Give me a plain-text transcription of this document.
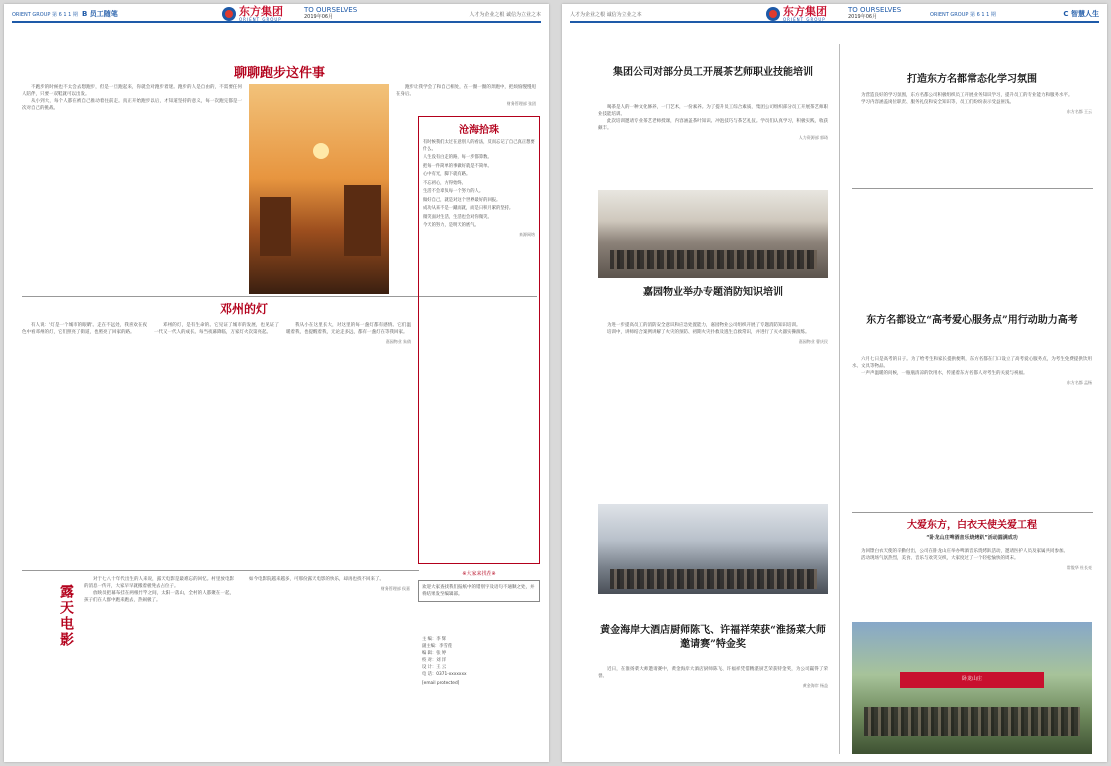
ORIENT GROUP 第 6 1 1 期 B 员工随笔	东方集团
ORIENT GROUP
TO OURSELVES
2019年06月	人才为企业之根 诚信为立业之本
聊聊跑步这件事

不跑步的时候也不太会去想跑步，但是一旦跑起来，你就会对跑步着迷。跑步的人是自由的，不需要任何人陪伴，只要一双鞋就可以出发。

从小到大，每个人都在被自己推动着往前走。真正开始跑步以后，才知道坚持的意义，每一次跑完都是一次对自己的挑战。

跑步让我学会了和自己相处，在一圈一圈的奔跑中，把烦恼慢慢甩在身后。

财务管理部 张团
邓州的灯

有人说：'灯是一个城市的眼睛'。走在不远处，我喜欢在夜色中看邓州的灯，它们照亮了街道，也照亮了回家的路。

邓州的灯，是有生命的。它见证了城市的发展，也见证了一代又一代人的成长。每当夜幕降临，万家灯火次第亮起。

我从小在这里长大，对这里的每一盏灯都有感情。它们温暖着我，也提醒着我，无论走多远，都有一盏灯在等我回家。

嘉园物业 朱倩
沧海拾珠
有时候我们太过在意别人的看法，反而忘记了自己真正想要什么。
人生没有白走的路，每一步都算数。
把每一件简单的事做好就是不简单。
心中有光，脚下就有路。
不忘初心，方得始终。
生活不会辜负每一个努力的人。
做好自己，就是对这个世界最好的回报。
成功从来不是一蹴而就，而是日积月累的坚持。
微笑面对生活，生活也会对你微笑。
今天的努力，是明天的底气。
来源网络
露天电影

对于七八十年代出生的人来说，露天电影是最难忘的回忆。村里放电影的消息一传开，大家早早就搬着板凳去占位子。

放映员把幕布挂在两根竹竿之间，太阳一落山，全村的人都聚在一起，孩子们在人群中跑来跑去，热闹极了。

如今电影院越来越多，可那份露天电影的快乐，却再也找不回来了。

财务管理部 侯嘉
※大家来找茬※
欢迎大家查找我们报纸中的错别字及语句不通顺之处，并将结果发至编辑部。
主 编：李 辉
副主编：李雪莲
编 辑：张 婷
校 对：刘 洋
设 计：王 云
电 话：0371-xxxxxxx
[email protected]
人才为企业之根 诚信为立业之本	东方集团
ORIENT GROUP
TO OURSELVES
2019年06月	ORIENT GROUP 第 6 1 1 期	C 智慧人生
集团公司对部分员工开展茶艺师职业技能培训

喝茶是人的一种文化修养，一门艺术，一份素养。为了提升员工综合素质，集团公司组织部分员工开展茶艺师职业技能培训。

此次培训邀请专业茶艺老师授课，内容涵盖茶叶知识、冲泡技巧与茶艺礼仪。学员们认真学习，积极实践，收获颇丰。

人力资源部 郭琦
嘉园物业举办专题消防知识培训

为进一步提高员工的消防安全意识和应急处置能力，嘉园物业公司组织开展了专题消防知识培训。

培训中，讲师结合案例讲解了火灾的预防、初期火灾扑救及逃生自救常识，并进行了灭火器实操演练。

嘉园物业 曹庆民
黄金海岸大酒店厨师陈飞、许福祥荣获“淮扬菜大师邀请赛”特金奖

近日，在淮扬菜大师邀请赛中，黄金海岸大酒店厨师陈飞、许福祥凭借精湛厨艺荣获特金奖，为公司赢得了荣誉。

黄金海岸 杨益
打造东方名都常态化学习氛围

为营造良好的学习氛围，东方名都公司积极组织员工开展业务知识学习，提升员工的专业能力和服务水平。

学习内容涵盖岗位职责、服务礼仪和安全知识等，员工们纷纷表示受益匪浅。

东方名都 王云
东方名都设立“高考爱心服务点”用行动助力高考

六月七日是高考的日子。为了给考生和家长提供便利，东方名都在门口设立了高考爱心服务点，为考生免费提供饮用水、文具等物品。

一声声温暖的问候，一瓶瓶清凉的饮用水，传递着东方名都人对考生的关爱与祝福。

东方名都 孟杨
大爱东方，白衣天使关爱工程
“卧龙山庄啤酒音乐烧烤趴”活动圆满成功

为回馈白衣天使的辛勤付出，公司在卧龙山庄举办啤酒音乐烧烤趴活动，邀请医护人员及家属共同参加。

活动现场气氛热烈，美食、音乐与欢笑交织，大家度过了一个轻松愉快的周末。

常俊华 杜长亮
卧龙山庄
